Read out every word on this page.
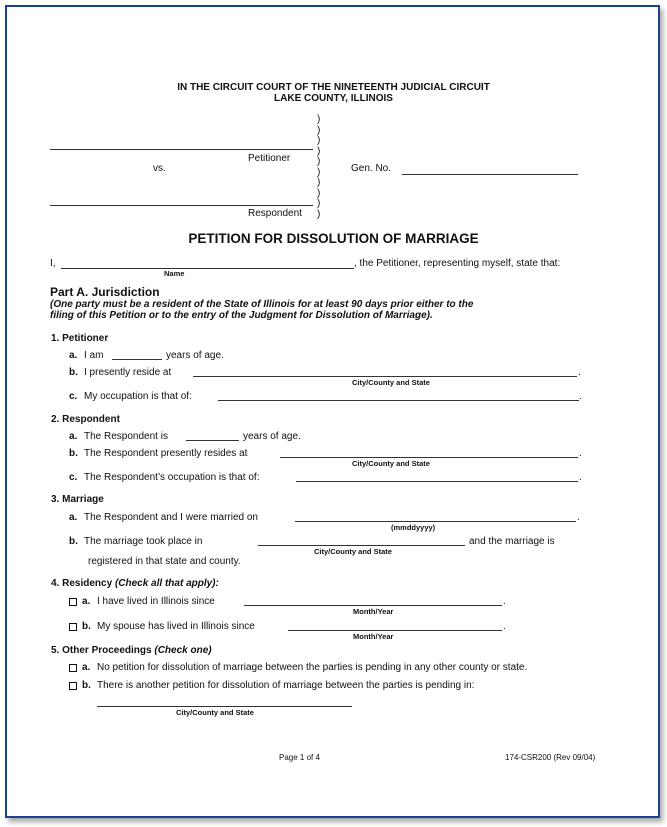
IN THE CIRCUIT COURT OF THE NINETEENTH JUDICIAL CIRCUIT
LAKE COUNTY, ILLINOIS
Petitioner
vs.
Respondent
)
)
)
)
)
)
)
)
)
)
Gen. No.
PETITION FOR DISSOLUTION OF MARRIAGE
I,
Name
, the Petitioner, representing myself, state that:
Part A. Jurisdiction
(One party must be a resident of the State of Illinois for at least 90 days prior either to the
filing of this Petition or to the entry of the Judgment for Dissolution of Marriage).
1. Petitioner
a. I am	years of age.
b. I presently reside at	.
City/County and State
c. My occupation is that of:	.
2. Respondent
a. The Respondent is	years of age.
b. The Respondent presently resides at	.
City/County and State
c. The Respondent’s occupation is that of:	.
3. Marriage
a. The Respondent and I were married on	.
(mmddyyyy)
b. The marriage took place in	and the marriage is
City/County and State
registered in that state and county.
4. Residency (Check all that apply):
a. I have lived in Illinois since	.
Month/Year
b. My spouse has lived in Illinois since	.
Month/Year
5. Other Proceedings (Check one)
a. No petition for dissolution of marriage between the parties is pending in any other county or state.
b. There is another petition for dissolution of marriage between the parties is pending in:
City/County and State
Page 1 of 4	174-CSR200 (Rev 09/04)
